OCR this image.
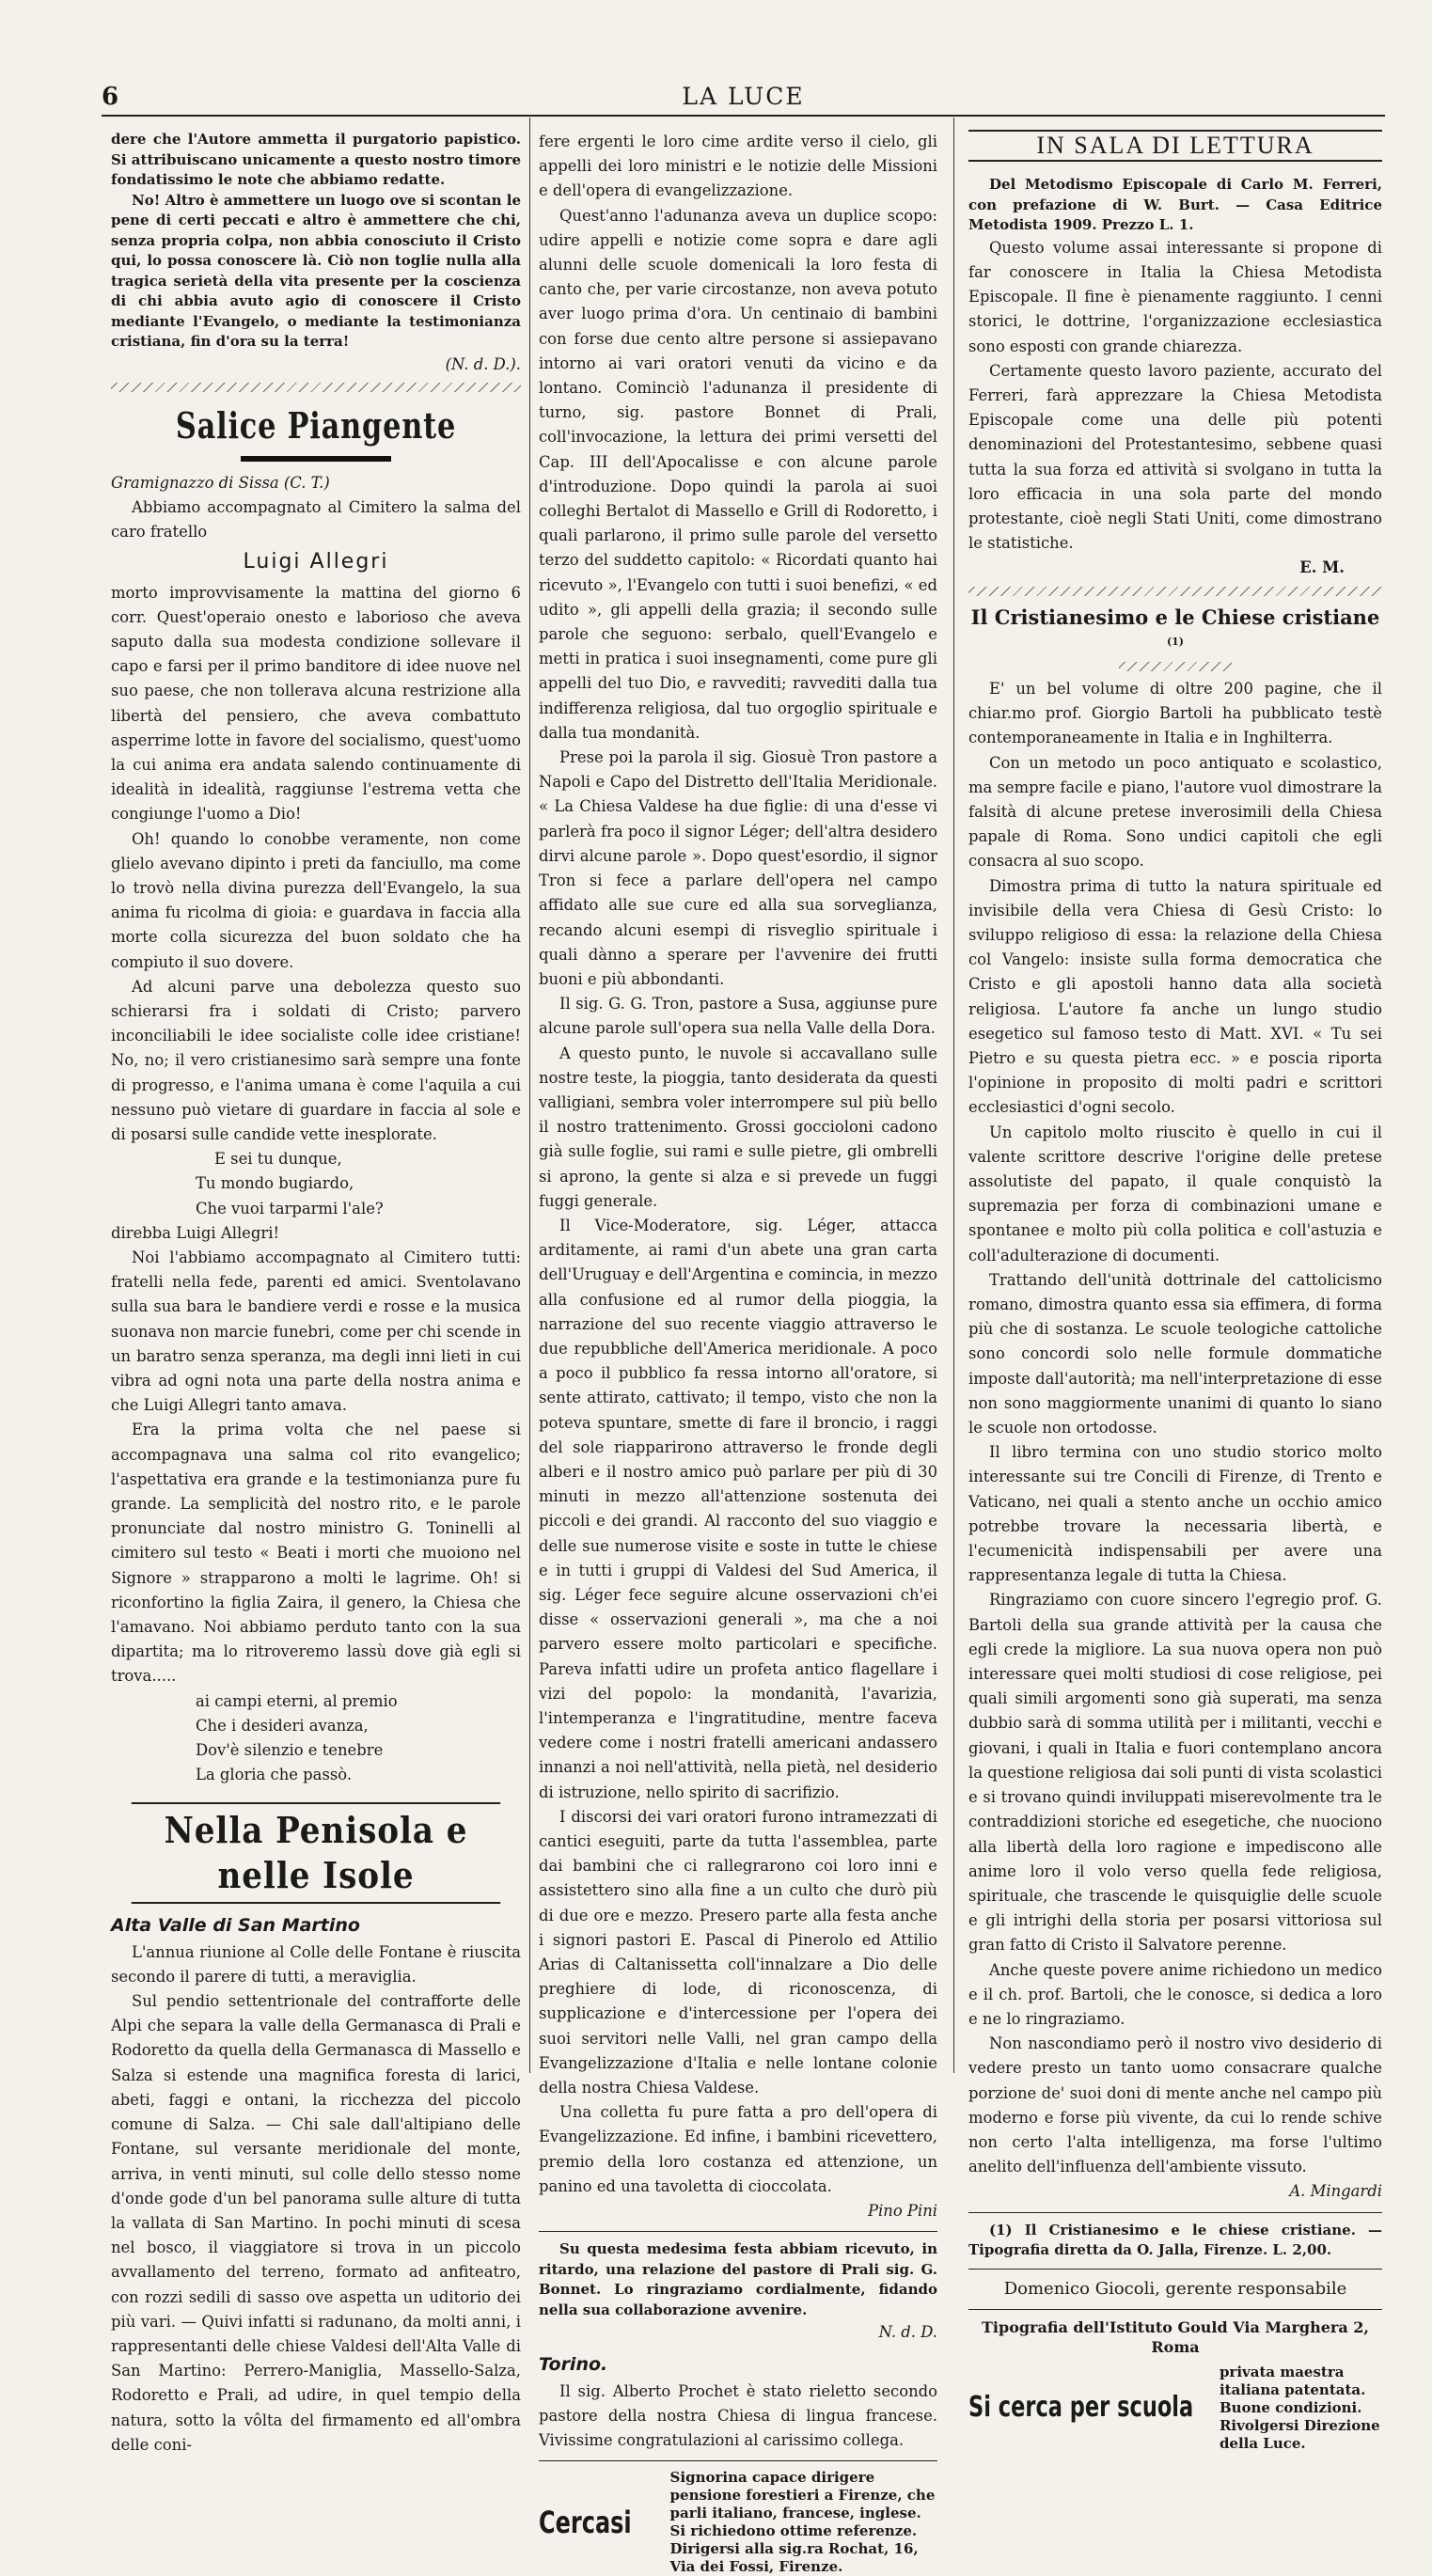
LA LUCE
6

dere che l'Autore ammetta il purgatorio papistico. Si attribuiscano unicamente a questo nostro timore fondatissimo le note che abbiamo redatte.

No! Altro è ammettere un luogo ove si scontan le pene di certi peccati e altro è ammettere che chi, senza propria colpa, non abbia conosciuto il Cristo qui, lo possa conoscere là. Ciò non toglie nulla alla tragica serietà della vita presente per la coscienza di chi abbia avuto agio di conoscere il Cristo mediante l'Evangelo, o mediante la testimonianza cristiana, fin d'ora su la terra!

(N. d. D.).

Salice Piangente

Gramignazzo di Sissa (C. T.)

Abbiamo accompagnato al Cimitero la salma del caro fratello

Luigi Allegri

morto improvvisamente la mattina del giorno 6 corr. Quest'operaio onesto e laborioso che aveva saputo dalla sua modesta condizione sollevare il capo e farsi per il primo banditore di idee nuove nel suo paese, che non tollerava alcuna restrizione alla libertà del pensiero, che aveva combattuto asperrime lotte in favore del socialismo, quest'uomo la cui anima era andata salendo continuamente di idealità in idealità, raggiunse l'estrema vetta che congiunge l'uomo a Dio!

Oh! quando lo conobbe veramente, non come glielo avevano dipinto i preti da fanciullo, ma come lo trovò nella divina purezza dell'Evangelo, la sua anima fu ricolma di gioia: e guardava in faccia alla morte colla sicurezza del buon soldato che ha compiuto il suo dovere.

Ad alcuni parve una debolezza questo suo schierarsi fra i soldati di Cristo; parvero inconciliabili le idee socialiste colle idee cristiane! No, no; il vero cristianesimo sarà sempre una fonte di progresso, e l'anima umana è come l'aquila a cui nessuno può vietare di guardare in faccia al sole e di posarsi sulle candide vette inesplorate.

E sei tu dunque,

Tu mondo bugiardo,

Che vuoi tarparmi l'ale?

direbba Luigi Allegri!

Noi l'abbiamo accompagnato al Cimitero tutti: fratelli nella fede, parenti ed amici. Sventolavano sulla sua bara le bandiere verdi e rosse e la musica suonava non marcie funebri, come per chi scende in un baratro senza speranza, ma degli inni lieti in cui vibra ad ogni nota una parte della nostra anima e che Luigi Allegri tanto amava.

Era la prima volta che nel paese si accompagnava una salma col rito evangelico; l'aspettativa era grande e la testimonianza pure fu grande. La semplicità del nostro rito, e le parole pronunciate dal nostro ministro G. Toninelli al cimitero sul testo « Beati i morti che muoiono nel Signore » strapparono a molti le lagrime. Oh! si riconfortino la figlia Zaira, il genero, la Chiesa che l'amavano. Noi abbiamo perduto tanto con la sua dipartita; ma lo ritroveremo lassù dove già egli si trova.....

ai campi eterni, al premio

Che i desideri avanza,

Dov'è silenzio e tenebre

La gloria che passò.

Nella Penisola e nelle Isole

Alta Valle di San Martino

L'annua riunione al Colle delle Fontane è riuscita secondo il parere di tutti, a meraviglia.

Sul pendio settentrionale del contrafforte delle Alpi che separa la valle della Germanasca di Prali e Rodoretto da quella della Germanasca di Massello e Salza si estende una magnifica foresta di larici, abeti, faggi e ontani, la ricchezza del piccolo comune di Salza. — Chi sale dall'altipiano delle Fontane, sul versante meridionale del monte, arriva, in venti minuti, sul colle dello stesso nome d'onde gode d'un bel panorama sulle alture di tutta la vallata di San Martino. In pochi minuti di scesa nel bosco, il viaggiatore si trova in un piccolo avvallamento del terreno, formato ad anfiteatro, con rozzi sedili di sasso ove aspetta un uditorio dei più vari. — Quivi infatti si radunano, da molti anni, i rappresentanti delle chiese Valdesi dell'Alta Valle di San Martino: Perrero-Maniglia, Massello-Salza, Rodoretto e Prali, ad udire, in quel tempio della natura, sotto la vôlta del firmamento ed all'ombra delle coni-

fere ergenti le loro cime ardite verso il cielo, gli appelli dei loro ministri e le notizie delle Missioni e dell'opera di evangelizzazione.

Quest'anno l'adunanza aveva un duplice scopo: udire appelli e notizie come sopra e dare agli alunni delle scuole domenicali la loro festa di canto che, per varie circostanze, non aveva potuto aver luogo prima d'ora. Un centinaio di bambini con forse due cento altre persone si assiepavano intorno ai vari oratori venuti da vicino e da lontano. Cominciò l'adunanza il presidente di turno, sig. pastore Bonnet di Prali, coll'invocazione, la lettura dei primi versetti del Cap. III dell'Apocalisse e con alcune parole d'introduzione. Dopo quindi la parola ai suoi colleghi Bertalot di Massello e Grill di Rodoretto, i quali parlarono, il primo sulle parole del versetto terzo del suddetto capitolo: « Ricordati quanto hai ricevuto », l'Evangelo con tutti i suoi benefizi, « ed udito », gli appelli della grazia; il secondo sulle parole che seguono: serbalo, quell'Evangelo e metti in pratica i suoi insegnamenti, come pure gli appelli del tuo Dio, e ravvediti; ravvediti dalla tua indifferenza religiosa, dal tuo orgoglio spirituale e dalla tua mondanità.

Prese poi la parola il sig. Giosuè Tron pastore a Napoli e Capo del Distretto dell'Italia Meridionale. « La Chiesa Valdese ha due figlie: di una d'esse vi parlerà fra poco il signor Léger; dell'altra desidero dirvi alcune parole ». Dopo quest'esordio, il signor Tron si fece a parlare dell'opera nel campo affidato alle sue cure ed alla sua sorveglianza, recando alcuni esempi di risveglio spirituale i quali dànno a sperare per l'avvenire dei frutti buoni e più abbondanti.

Il sig. G. G. Tron, pastore a Susa, aggiunse pure alcune parole sull'opera sua nella Valle della Dora.

A questo punto, le nuvole si accavallano sulle nostre teste, la pioggia, tanto desiderata da questi valligiani, sembra voler interrompere sul più bello il nostro trattenimento. Grossi goccioloni cadono già sulle foglie, sui rami e sulle pietre, gli ombrelli si aprono, la gente si alza e si prevede un fuggi fuggi generale.

Il Vice-Moderatore, sig. Léger, attacca arditamente, ai rami d'un abete una gran carta dell'Uruguay e dell'Argentina e comincia, in mezzo alla confusione ed al rumor della pioggia, la narrazione del suo recente viaggio attraverso le due repubbliche dell'America meridionale. A poco a poco il pubblico fa ressa intorno all'oratore, si sente attirato, cattivato; il tempo, visto che non la poteva spuntare, smette di fare il broncio, i raggi del sole riapparirono attraverso le fronde degli alberi e il nostro amico può parlare per più di 30 minuti in mezzo all'attenzione sostenuta dei piccoli e dei grandi. Al racconto del suo viaggio e delle sue numerose visite e soste in tutte le chiese e in tutti i gruppi di Valdesi del Sud America, il sig. Léger fece seguire alcune osservazioni ch'ei disse « osservazioni generali », ma che a noi parvero essere molto particolari e specifiche. Pareva infatti udire un profeta antico flagellare i vizi del popolo: la mondanità, l'avarizia, l'intemperanza e l'ingratitudine, mentre faceva vedere come i nostri fratelli americani andassero innanzi a noi nell'attività, nella pietà, nel desiderio di istruzione, nello spirito di sacrifizio.

I discorsi dei vari oratori furono intramezzati di cantici eseguiti, parte da tutta l'assemblea, parte dai bambini che ci rallegrarono coi loro inni e assistettero sino alla fine a un culto che durò più di due ore e mezzo. Presero parte alla festa anche i signori pastori E. Pascal di Pinerolo ed Attilio Arias di Caltanissetta coll'innalzare a Dio delle preghiere di lode, di riconoscenza, di supplicazione e d'intercessione per l'opera dei suoi servitori nelle Valli, nel gran campo della Evangelizzazione d'Italia e nelle lontane colonie della nostra Chiesa Valdese.

Una colletta fu pure fatta a pro dell'opera di Evangelizzazione. Ed infine, i bambini ricevettero, premio della loro costanza ed attenzione, un panino ed una tavoletta di cioccolata.

Pino Pini

Su questa medesima festa abbiam ricevuto, in ritardo, una relazione del pastore di Prali sig. G. Bonnet. Lo ringraziamo cordialmente, fidando nella sua collaborazione avvenire.

N. d. D.

Torino.

Il sig. Alberto Prochet è stato rieletto secondo pastore della nostra Chiesa di lingua francese. Vivissime congratulazioni al carissimo collega.

Cercasi
Signorina capace dirigere pensione forestieri a Firenze, che parli italiano, francese, inglese. Si richiedono ottime referenze. Dirigersi alla sig.ra Rochat, 16, Via dei Fossi, Firenze.
IN SALA DI LETTURA

Del Metodismo Episcopale di Carlo M. Ferreri, con prefazione di W. Burt. — Casa Editrice Metodista 1909. Prezzo L. 1.

Questo volume assai interessante si propone di far conoscere in Italia la Chiesa Metodista Episcopale. Il fine è pienamente raggiunto. I cenni storici, le dottrine, l'organizzazione ecclesiastica sono esposti con grande chiarezza.

Certamente questo lavoro paziente, accurato del Ferreri, farà apprezzare la Chiesa Metodista Episcopale come una delle più potenti denominazioni del Protestantesimo, sebbene quasi tutta la sua forza ed attività si svolgano in tutta la loro efficacia in una sola parte del mondo protestante, cioè negli Stati Uniti, come dimostrano le statistiche.

E. M.

Il Cristianesimo e le Chiese cristiane $^{(1)}$

E' un bel volume di oltre 200 pagine, che il chiar.mo prof. Giorgio Bartoli ha pubblicato testè contemporaneamente in Italia e in Inghilterra.

Con un metodo un poco antiquato e scolastico, ma sempre facile e piano, l'autore vuol dimostrare la falsità di alcune pretese inverosimili della Chiesa papale di Roma. Sono undici capitoli che egli consacra al suo scopo.

Dimostra prima di tutto la natura spirituale ed invisibile della vera Chiesa di Gesù Cristo: lo sviluppo religioso di essa: la relazione della Chiesa col Vangelo: insiste sulla forma democratica che Cristo e gli apostoli hanno data alla società religiosa. L'autore fa anche un lungo studio esegetico sul famoso testo di Matt. XVI. « Tu sei Pietro e su questa pietra ecc. » e poscia riporta l'opinione in proposito di molti padri e scrittori ecclesiastici d'ogni secolo.

Un capitolo molto riuscito è quello in cui il valente scrittore descrive l'origine delle pretese assolutiste del papato, il quale conquistò la supremazia per forza di combinazioni umane e spontanee e molto più colla politica e coll'astuzia e coll'adulterazione di documenti.

Trattando dell'unità dottrinale del cattolicismo romano, dimostra quanto essa sia effimera, di forma più che di sostanza. Le scuole teologiche cattoliche sono concordi solo nelle formule dommatiche imposte dall'autorità; ma nell'interpretazione di esse non sono maggiormente unanimi di quanto lo siano le scuole non ortodosse.

Il libro termina con uno studio storico molto interessante sui tre Concili di Firenze, di Trento e Vaticano, nei quali a stento anche un occhio amico potrebbe trovare la necessaria libertà, e l'ecumenicità indispensabili per avere una rappresentanza legale di tutta la Chiesa.

Ringraziamo con cuore sincero l'egregio prof. G. Bartoli della sua grande attività per la causa che egli crede la migliore. La sua nuova opera non può interessare quei molti studiosi di cose religiose, pei quali simili argomenti sono già superati, ma senza dubbio sarà di somma utilità per i militanti, vecchi e giovani, i quali in Italia e fuori contemplano ancora la questione religiosa dai soli punti di vista scolastici e si trovano quindi inviluppati miserevolmente tra le contraddizioni storiche ed esegetiche, che nuociono alla libertà della loro ragione e impediscono alle anime loro il volo verso quella fede religiosa, spirituale, che trascende le quisquiglie delle scuole e gli intrighi della storia per posarsi vittoriosa sul gran fatto di Cristo il Salvatore perenne.

Anche queste povere anime richiedono un medico e il ch. prof. Bartoli, che le conosce, si dedica a loro e ne lo ringraziamo.

Non nascondiamo però il nostro vivo desiderio di vedere presto un tanto uomo consacrare qualche porzione de' suoi doni di mente anche nel campo più moderno e forse più vivente, da cui lo rende schive non certo l'alta intelligenza, ma forse l'ultimo anelito dell'influenza dell'ambiente vissuto.

A. Mingardi

(1) Il Cristianesimo e le chiese cristiane. — Tipografia diretta da O. Jalla, Firenze. L. 2,00.

Domenico Giocoli, gerente responsabile

Tipografia dell'Istituto Gould Via Marghera 2, Roma

Si cerca per scuola
privata maestra italiana patentata. Buone condizioni. Rivolgersi Direzione della Luce.
